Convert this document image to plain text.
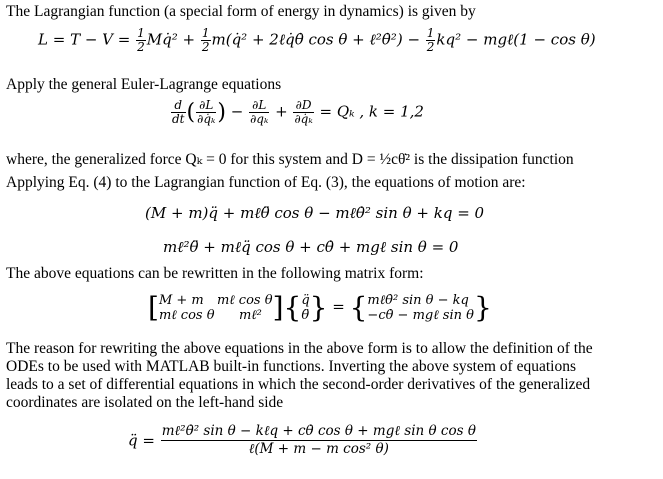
The Lagrangian function (a special form of energy in dynamics) is given by
$L = T - V = \frac{1}{2}$ Mq̇² + $\frac{1}{2}$ m(q̇² + 2ℓq̇θ̇ cos θ + ℓ²θ̇²) − $\frac{1}{2} kq^2$ − mgℓ(1 − cos θ)
Apply the general Euler-Lagrange equations
$\frac{d}{dt}$ ( $\frac{\partial L}{\text{∂q̇ₖ}}$ ) − $\frac{\partial L}{\text{∂qₖ}} + \frac{\partial D}{\text{∂q̇ₖ}} = Q_k$ , k = 1,2
where, the generalized force Qₖ = 0 for this system and D = ½cθ̇² is the dissipation function
Applying Eq. (4) to the Lagrangian function of Eq. (3), the equations of motion are:
(M + m)q̈ + mℓθ̈ cos θ − mℓθ̇² sin θ + kq = 0
mℓ²θ̈ + mℓq̈ cos θ + cθ̇ + mgℓ sin θ = 0
The above equations can be rewritten in the following matrix form:
[ M + m mℓ cos θ
mℓ cos θ mℓ² ]{ q̈
θ̈ } = { mℓθ̇² sin θ − kq
−cθ̇ − mgℓ sin θ }
The reason for rewriting the above equations in the above form is to allow the definition of the
ODEs to be used with MATLAB built-in functions. Inverting the above system of equations
leads to a set of differential equations in which the second-order derivatives of the generalized
coordinates are isolated on the left-hand side
q̈ = $\frac{\text{mℓ²θ̇² sin θ − kℓq + cθ̇ cos θ + mgℓ sin θ cos θ}}{\text{ℓ(M + m − m cos² θ)}}$
